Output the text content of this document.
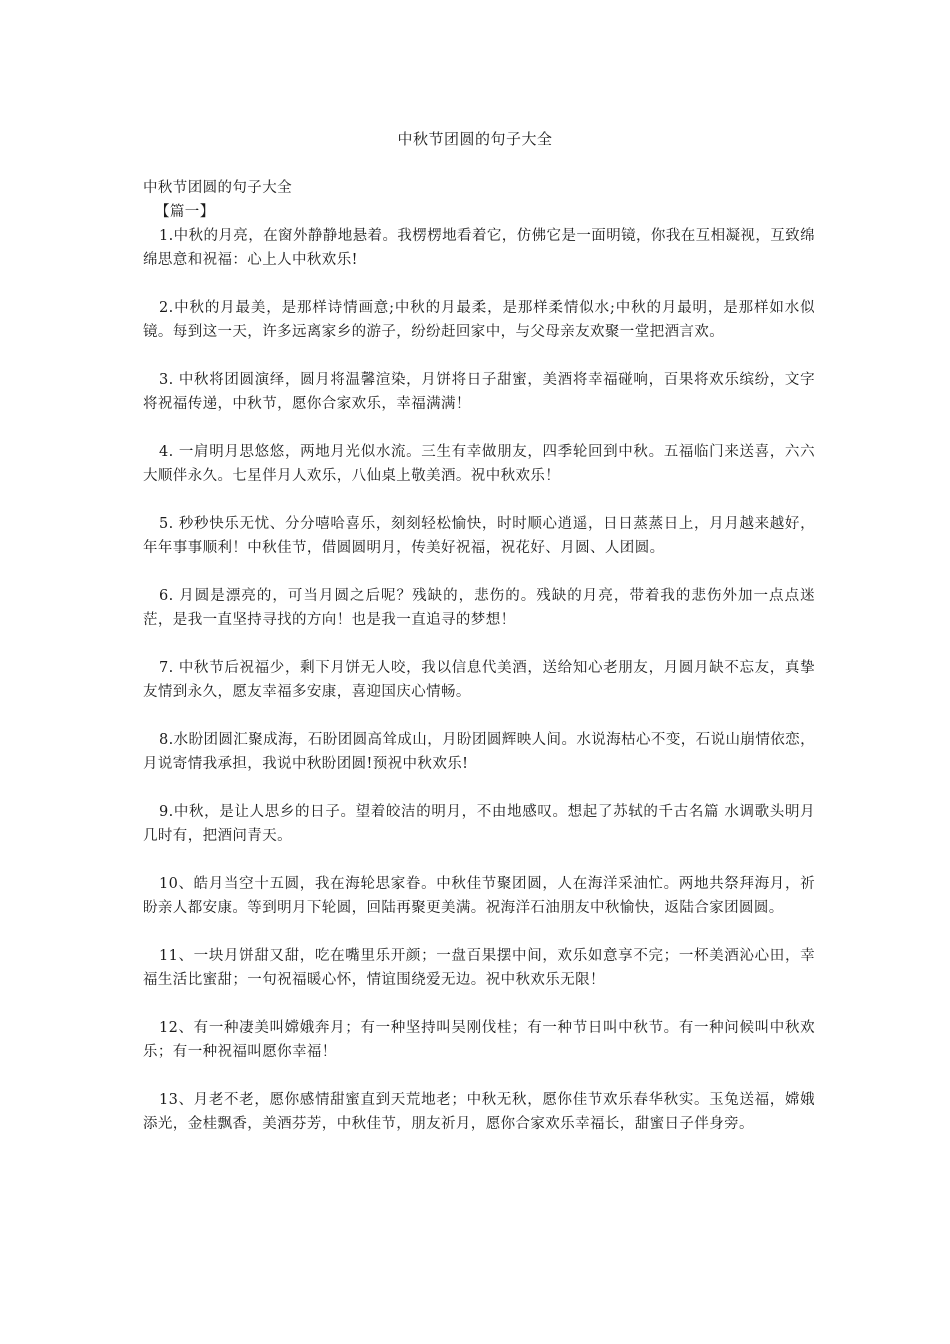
中秋节团圆的句子大全

中秋节团圆的句子大全

【篇一】

1.中秋的月亮，在窗外静静地悬着。我楞楞地看着它，仿佛它是一面明镜，你我在互相凝视，互致绵绵思意和祝福：心上人中秋欢乐!
2.中秋的月最美，是那样诗情画意;中秋的月最柔，是那样柔情似水;中秋的月最明，是那样如水似镜。每到这一天，许多远离家乡的游子，纷纷赶回家中，与父母亲友欢聚一堂把酒言欢。
3. 中秋将团圆演绎，圆月将温馨渲染，月饼将日子甜蜜，美酒将幸福碰响，百果将欢乐缤纷，文字将祝福传递，中秋节，愿你合家欢乐，幸福满满！
4. 一肩明月思悠悠，两地月光似水流。三生有幸做朋友，四季轮回到中秋。五福临门来送喜，六六大顺伴永久。七星伴月人欢乐，八仙桌上敬美酒。祝中秋欢乐！
5. 秒秒快乐无忧、分分嘻哈喜乐，刻刻轻松愉快，时时顺心逍遥，日日蒸蒸日上，月月越来越好，年年事事顺利！中秋佳节，借圆圆明月，传美好祝福，祝花好、月圆、人团圆。
6. 月圆是漂亮的，可当月圆之后呢？残缺的，悲伤的。残缺的月亮，带着我的悲伤外加一点点迷茫，是我一直坚持寻找的方向！也是我一直追寻的梦想！
7. 中秋节后祝福少，剩下月饼无人咬，我以信息代美酒，送给知心老朋友，月圆月缺不忘友，真挚友情到永久，愿友幸福多安康，喜迎国庆心情畅。
8.水盼团圆汇聚成海，石盼团圆高耸成山，月盼团圆辉映人间。水说海枯心不变，石说山崩情依恋，月说寄情我承担，我说中秋盼团圆!预祝中秋欢乐!
9.中秋，是让人思乡的日子。望着皎洁的明月，不由地感叹。想起了苏轼的千古名篇 水调歌头明月几时有，把酒问青天。
10、皓月当空十五圆，我在海轮思家眷。中秋佳节聚团圆，人在海洋采油忙。两地共祭拜海月，祈盼亲人都安康。等到明月下轮圆，回陆再聚更美满。祝海洋石油朋友中秋愉快，返陆合家团圆圆。
11、一块月饼甜又甜，吃在嘴里乐开颜；一盘百果摆中间，欢乐如意享不完；一杯美酒沁心田，幸福生活比蜜甜；一句祝福暖心怀，情谊围绕爱无边。祝中秋欢乐无限！
12、有一种凄美叫嫦娥奔月；有一种坚持叫吴刚伐桂；有一种节日叫中秋节。有一种问候叫中秋欢乐；有一种祝福叫愿你幸福！
13、月老不老，愿你感情甜蜜直到天荒地老；中秋无秋，愿你佳节欢乐春华秋实。玉兔送福，嫦娥添光，金桂飘香，美酒芬芳，中秋佳节，朋友祈月，愿你合家欢乐幸福长，甜蜜日子伴身旁。
